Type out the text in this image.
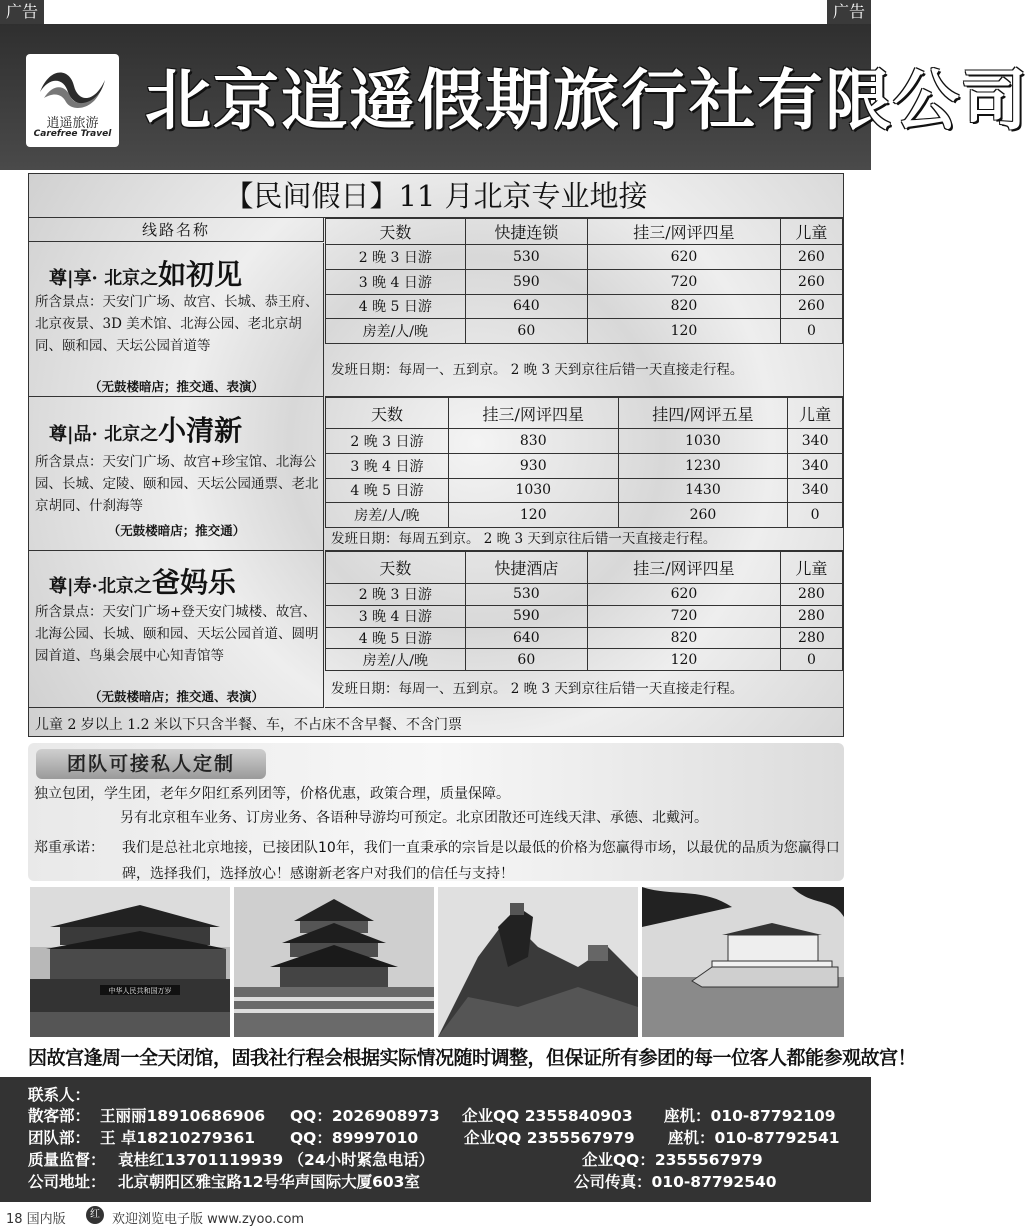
广告	广告
逍遥旅游
Carefree Travel 北京逍遥假期旅行社有限公司
【民间假日】11 月北京专业地接
线路名称
尊|享· 北京之如初见
所含景点：天安门广场、故宫、长城、恭王府、北京夜景、3D 美术馆、北海公园、老北京胡同、颐和园、天坛公园首道等
（无鼓楼暗店；推交通、表演）
天数	快捷连锁	挂三/网评四星	儿童
2 晚 3 日游	530	620	260
3 晚 4 日游	590	720	260
4 晚 5 日游	640	820	260
房差/人/晚	60	120	0
发班日期：每周一、五到京。 2 晚 3 天到京往后错一天直接走行程。
尊|品· 北京之小清新
所含景点：天安门广场、故宫+珍宝馆、北海公园、长城、定陵、颐和园、天坛公园通票、老北京胡同、什刹海等
（无鼓楼暗店；推交通）
天数	挂三/网评四星	挂四/网评五星	儿童
2 晚 3 日游	830	1030	340
3 晚 4 日游	930	1230	340
4 晚 5 日游	1030	1430	340
房差/人/晚	120	260	0
发班日期：每周五到京。 2 晚 3 天到京往后错一天直接走行程。
尊|寿·北京之爸妈乐
所含景点：天安门广场+登天安门城楼、故宫、北海公园、长城、颐和园、天坛公园首道、圆明园首道、鸟巢会展中心知青馆等
（无鼓楼暗店；推交通、表演）
天数	快捷酒店	挂三/网评四星	儿童
2 晚 3 日游	530	620	280
3 晚 4 日游	590	720	280
4 晚 5 日游	640	820	280
房差/人/晚	60	120	0
发班日期：每周一、五到京。 2 晚 3 天到京往后错一天直接走行程。
儿童 2 岁以上 1.2 米以下只含半餐、车，不占床不含早餐、不含门票
团队可接私人定制
独立包团，学生团，老年夕阳红系列团等，价格优惠，政策合理，质量保障。
另有北京租车业务、订房业务、各语种导游均可预定。北京团散还可连线天津、承德、北戴河。
郑重承诺： 我们是总社北京地接，已接团队10年，我们一直秉承的宗旨是以最低的价格为您赢得市场，以最优的品质为您赢得口碑，选择我们，选择放心！感谢新老客户对我们的信任与支持！
中华人民共和国万岁
因故宫逢周一全天闭馆，固我社行程会根据实际情况随时调整，但保证所有参团的每一位客人都能参观故宫！
联系人：
散客部： 王丽丽18910686906 QQ：2026908973 企业QQ 2355840903 座机：010-87792109
团队部： 王 卓18210279361 QQ：89997010	企业QQ 2355567979 座机：010-87792541
质量监督： 袁桂红13701119939 （24小时紧急电话）	企业QQ：2355567979
公司地址： 北京朝阳区雅宝路12号华声国际大厦603室	公司传真：010-87792540
18 国内版	红 欢迎浏览电子版 www.zyoo.com
